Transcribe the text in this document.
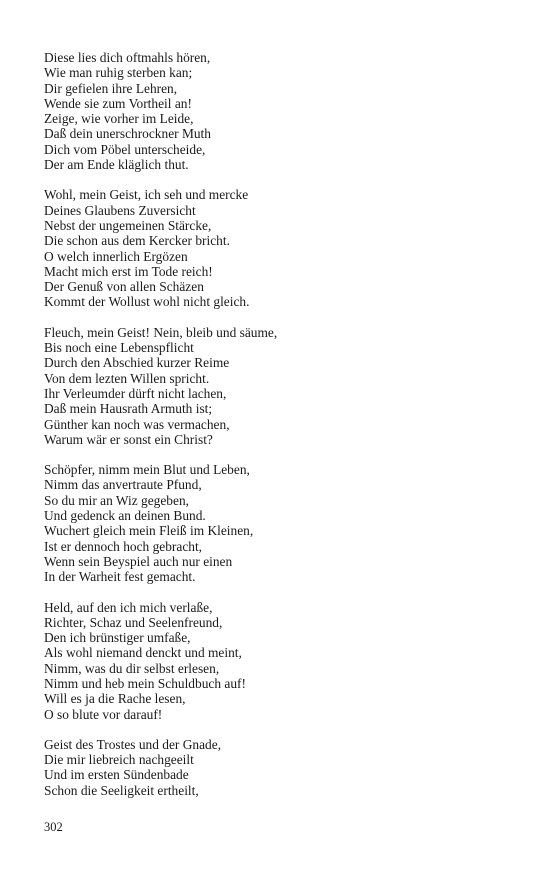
Diese lies dich oftmahls hören,
Wie man ruhig sterben kan;
Dir gefielen ihre Lehren,
Wende sie zum Vortheil an!
Zeige, wie vorher im Leide,
Daß dein unerschrockner Muth
Dich vom Pöbel unterscheide,
Der am Ende kläglich thut.
Wohl, mein Geist, ich seh und mercke
Deines Glaubens Zuversicht
Nebst der ungemeinen Stärcke,
Die schon aus dem Kercker bricht.
O welch innerlich Ergözen
Macht mich erst im Tode reich!
Der Genuß von allen Schäzen
Kommt der Wollust wohl nicht gleich.
Fleuch, mein Geist! Nein, bleib und säume,
Bis noch eine Lebenspflicht
Durch den Abschied kurzer Reime
Von dem lezten Willen spricht.
Ihr Verleumder dürft nicht lachen,
Daß mein Hausrath Armuth ist;
Günther kan noch was vermachen,
Warum wär er sonst ein Christ?
Schöpfer, nimm mein Blut und Leben,
Nimm das anvertraute Pfund,
So du mir an Wiz gegeben,
Und gedenck an deinen Bund.
Wuchert gleich mein Fleiß im Kleinen,
Ist er dennoch hoch gebracht,
Wenn sein Beyspiel auch nur einen
In der Warheit fest gemacht.
Held, auf den ich mich verlaße,
Richter, Schaz und Seelenfreund,
Den ich brünstiger umfaße,
Als wohl niemand denckt und meint,
Nimm, was du dir selbst erlesen,
Nimm und heb mein Schuldbuch auf!
Will es ja die Rache lesen,
O so blute vor darauf!
Geist des Trostes und der Gnade,
Die mir liebreich nachgeeilt
Und im ersten Sündenbade
Schon die Seeligkeit ertheilt,
302
